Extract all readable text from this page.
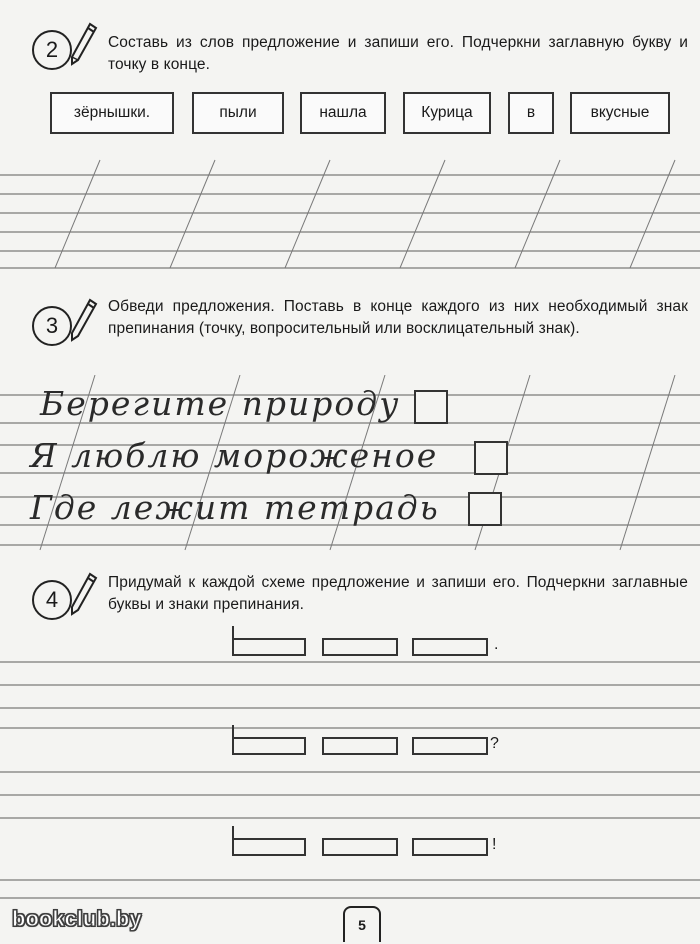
2	Составь из слов предложение и запиши его. Подчеркни заглавную букву и точку в конце.
зёрнышки.	пыли	нашла	Курица	в	вкусные
3
Обведи предложения. Поставь в конце каждого из них необходимый знак препинания (точку, вопросительный или восклицательный знак).
Берегите природу
Я люблю мороженое
Где лежит тетрадь
4
Придумай к каждой схеме предложение и запиши его. Подчеркни заглавные буквы и знаки препинания.
.
?
!
bookclub.by	5
